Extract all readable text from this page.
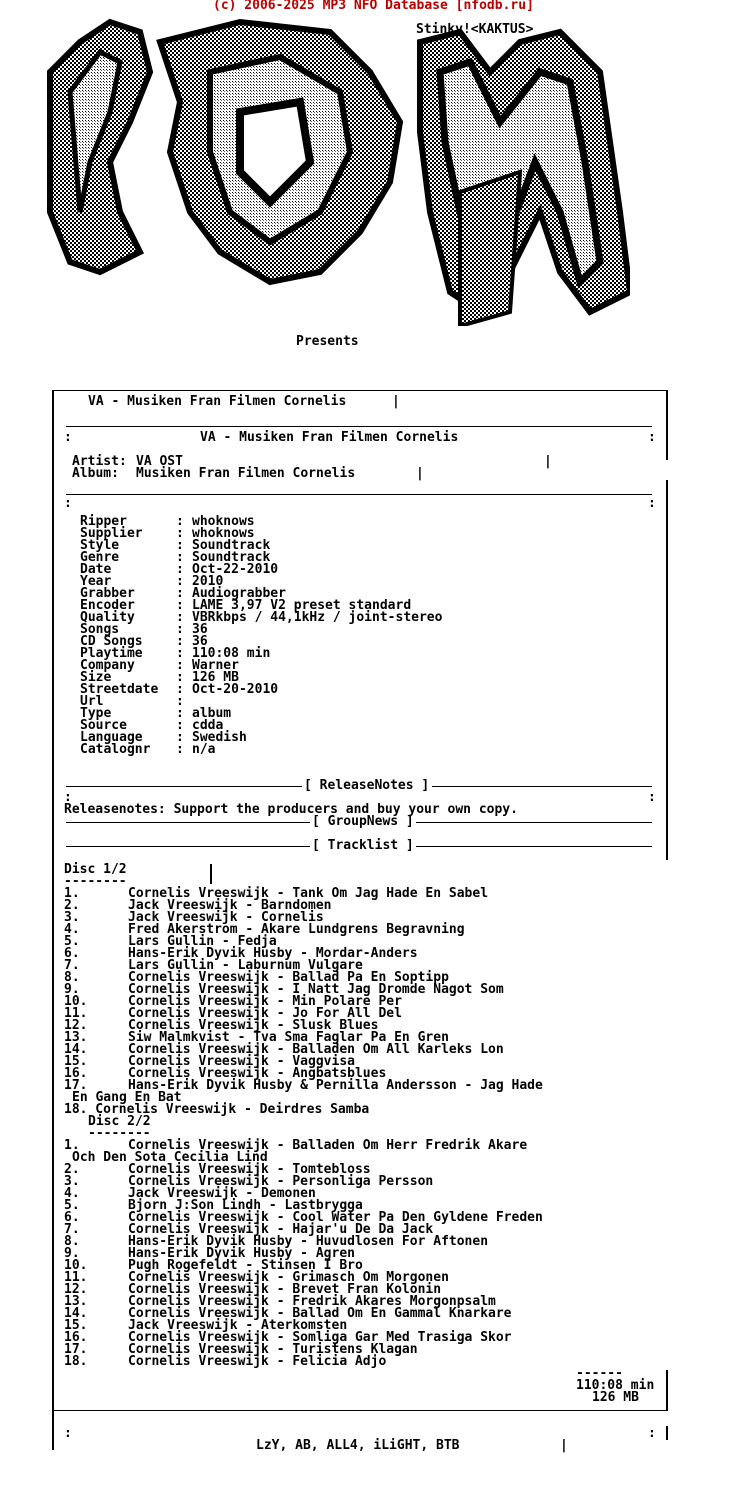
(c) 2006-2025 MP3 NFO Database [nfodb.ru]
Stinky!<KAKTUS>
Presents
VA - Musiken Fran Filmen Cornelis	|
:	VA - Musiken Fran Filmen Cornelis	:
Artist: VA OST	|
Album: Musiken Fran Filmen Cornelis	|
:	:
Ripper	: whoknows
Supplier	: whoknows
Style	: Soundtrack
Genre	: Soundtrack
Date	: Oct-22-2010
Year	: 2010
Grabber	: Audiograbber
Encoder	: LAME 3,97 V2 preset standard
Quality	: VBRkbps / 44,1kHz / joint-stereo
Songs	: 36
CD Songs	: 36
Playtime	: 110:08 min
Company	: Warner
Size	: 126 MB
Streetdate : Oct-20-2010
Url	:
Type	: album
Source	: cdda
Language	: Swedish
Catalognr : n/a
[ ReleaseNotes ]
:	:
Releasenotes: Support the producers and buy your own copy.
[ GroupNews ]
[ Tracklist ]
Disc 1/2
--------
1.	Cornelis Vreeswijk - Tank Om Jag Hade En Sabel
2.	Jack Vreeswijk - Barndomen
3.	Jack Vreeswijk - Cornelis
4.	Fred Akerstrom - Akare Lundgrens Begravning
5.	Lars Gullin - Fedja
6.	Hans-Erik Dyvik Husby - Mordar-Anders
7.	Lars Gullin - Laburnum Vulgare
8.	Cornelis Vreeswijk - Ballad Pa En Soptipp
9.	Cornelis Vreeswijk - I Natt Jag Dromde Nagot Som
10.	Cornelis Vreeswijk - Min Polare Per
11.	Cornelis Vreeswijk - Jo For All Del
12.	Cornelis Vreeswijk - Slusk Blues
13.	Siw Malmkvist - Tva Sma Faglar Pa En Gren
14.	Cornelis Vreeswijk - Balladen Om All Karleks Lon
15.	Cornelis Vreeswijk - Vaggvisa
16.	Cornelis Vreeswijk - Angbatsblues
17.	Hans-Erik Dyvik Husby & Pernilla Andersson - Jag Hade
En Gang En Bat
18. Cornelis Vreeswijk - Deirdres Samba
Disc 2/2
--------
1.	Cornelis Vreeswijk - Balladen Om Herr Fredrik Akare
Och Den Sota Cecilia Lind
2.	Cornelis Vreeswijk - Tomtebloss
3.	Cornelis Vreeswijk - Personliga Persson
4.	Jack Vreeswijk - Demonen
5.	Bjorn J:Son Lindh - Lastbrygga
6.	Cornelis Vreeswijk - Cool Water Pa Den Gyldene Freden
7.	Cornelis Vreeswijk - Hajar'u De Da Jack
8.	Hans-Erik Dyvik Husby - Huvudlosen For Aftonen
9.	Hans-Erik Dyvik Husby - Agren
10.	Pugh Rogefeldt - Stinsen I Bro
11.	Cornelis Vreeswijk - Grimasch Om Morgonen
12.	Cornelis Vreeswijk - Brevet Fran Kolonin
13.	Cornelis Vreeswijk - Fredrik Akares Morgonpsalm
14.	Cornelis Vreeswijk - Ballad Om En Gammal Knarkare
15.	Jack Vreeswijk - Aterkomsten
16.	Cornelis Vreeswijk - Somliga Gar Med Trasiga Skor
17.	Cornelis Vreeswijk - Turistens Klagan
18.	Cornelis Vreeswijk - Felicia Adjo
------
110:08 min
126 MB
:	:
LzY, AB, ALL4, iLiGHT, BTB	|
